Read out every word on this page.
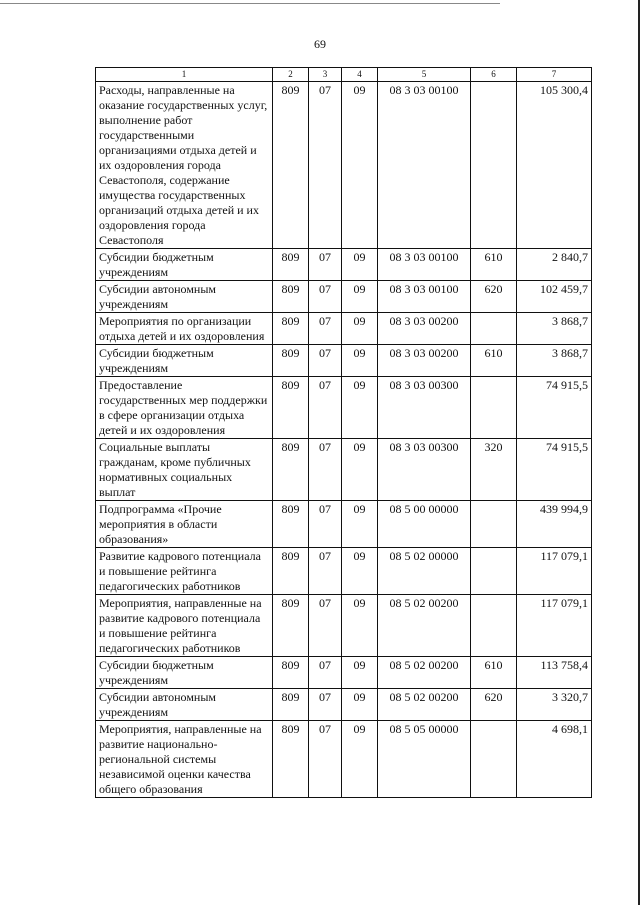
69
1	2	3	4	5	6	7
Расходы, направленные на оказание государственных услуг, выполнение работ государственными организациями отдыха детей и их оздоровления города Севастополя, содержание имущества государственных организаций отдыха детей и их оздоровления города Севастополя	809	07	09	08 3 03 00100		105 300,4
Субсидии бюджетным учреждениям	809	07	09	08 3 03 00100	610	2 840,7
Субсидии автономным учреждениям	809	07	09	08 3 03 00100	620	102 459,7
Мероприятия по организации отдыха детей и их оздоровления	809	07	09	08 3 03 00200		3 868,7
Субсидии бюджетным учреждениям	809	07	09	08 3 03 00200	610	3 868,7
Предоставление государственных мер поддержки в сфере организации отдыха детей и их оздоровления	809	07	09	08 3 03 00300		74 915,5
Социальные выплаты гражданам, кроме публичных нормативных социальных выплат	809	07	09	08 3 03 00300	320	74 915,5
Подпрограмма «Прочие мероприятия в области образования»	809	07	09	08 5 00 00000		439 994,9
Развитие кадрового потенциала и повышение рейтинга педагогических работников	809	07	09	08 5 02 00000		117 079,1
Мероприятия, направленные на развитие кадрового потенциала и повышение рейтинга педагогических работников	809	07	09	08 5 02 00200		117 079,1
Субсидии бюджетным учреждениям	809	07	09	08 5 02 00200	610	113 758,4
Субсидии автономным учреждениям	809	07	09	08 5 02 00200	620	3 320,7
Мероприятия, направленные на развитие национально-региональной системы независимой оценки качества общего образования	809	07	09	08 5 05 00000		4 698,1
